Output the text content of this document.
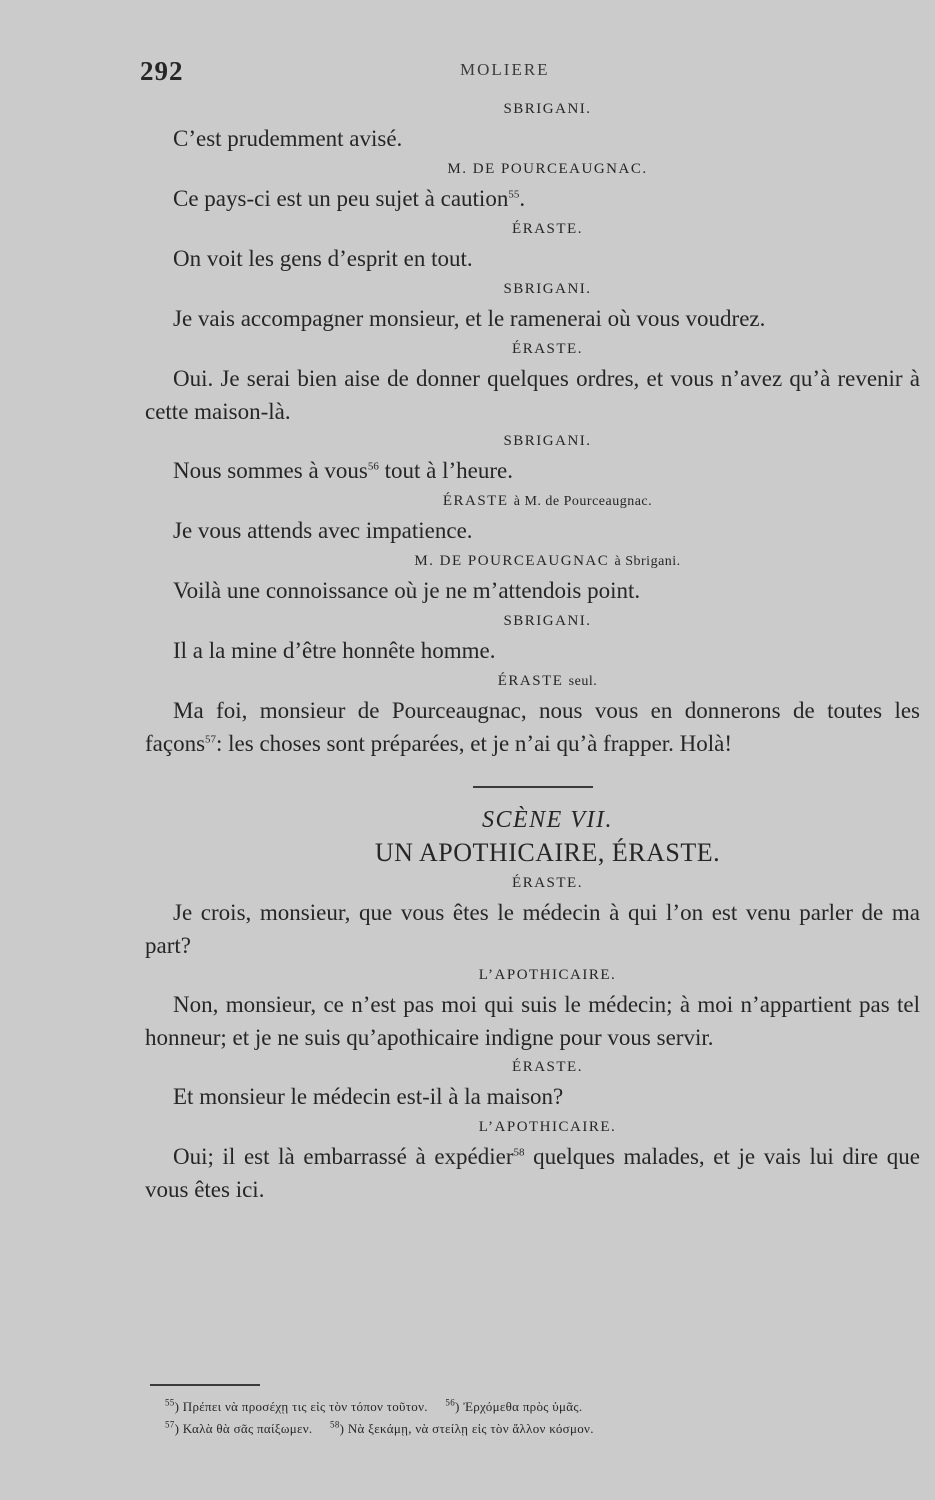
292	MOLIERE
SBRIGANI.

C’est prudemment avisé.

M. DE POURCEAUGNAC.

Ce pays-ci est un peu sujet à caution$^{55}$.

ÉRASTE.

On voit les gens d’esprit en tout.

SBRIGANI.

Je vais accompagner monsieur, et le ramenerai où vous voudrez.

ÉRASTE.

Oui. Je serai bien aise de donner quelques ordres, et vous n’avez qu’à revenir à cette maison-là.

SBRIGANI.

Nous sommes à vous$^{56}$ tout à l’heure.

ÉRASTE à M. de Pourceaugnac.

Je vous attends avec impatience.

M. DE POURCEAUGNAC à Sbrigani.

Voilà une connoissance où je ne m’attendois point.

SBRIGANI.

Il a la mine d’être honnête homme.

ÉRASTE seul.

Ma foi, monsieur de Pourceaugnac, nous vous en donnerons de toutes les façons$^{57}$: les choses sont préparées, et je n’ai qu’à frapper. Holà!

SCÈNE VII.
UN APOTHICAIRE, ÉRASTE.
ÉRASTE.

Je crois, monsieur, que vous êtes le médecin à qui l’on est venu parler de ma part?

L’APOTHICAIRE.

Non, monsieur, ce n’est pas moi qui suis le médecin; à moi n’appartient pas tel honneur; et je ne suis qu’apothicaire indigne pour vous servir.

ÉRASTE.

Et monsieur le médecin est-il à la maison?

L’APOTHICAIRE.

Oui; il est là embarrassé à expédier$^{58}$ quelques malades, et je vais lui dire que vous êtes ici.

$^{55}$) Πρέπει νὰ προσέχῃ τις εἰς τὸν τόπον τοῦτον. $^{56}$) Ἐρχόμεθα πρὸς ὑμᾶς.
$^{57}$) Καλὰ θὰ σᾶς παίξωμεν. $^{58}$) Νὰ ξεκάμῃ, νὰ στείλῃ εἰς τὸν ἄλλον κόσμον.
